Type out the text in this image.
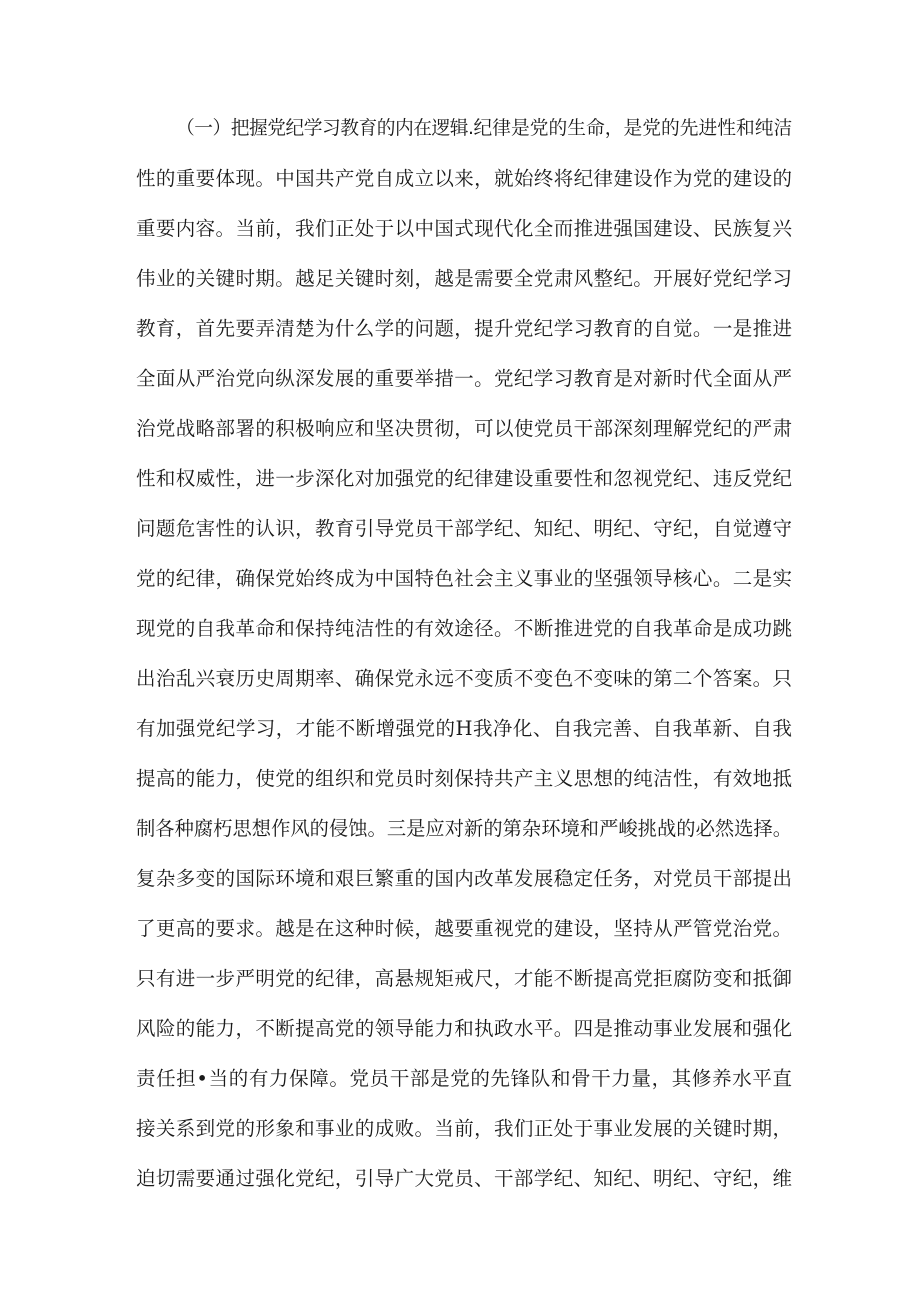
（一）把握党纪学习教育的内在逻辑.纪律是党的生命，是党的先进性和纯洁
性的重要体现。中国共产党自成立以来，就始终将纪律建设作为党的建设的
重要内容。当前，我们正处于以中国式现代化全而推进强国建设、民族复兴
伟业的关键时期。越足关键时刻，越是需要全党肃风整纪。开展好党纪学习
教育，首先要弄清楚为什么学的问题，提升党纪学习教育的自觉。一是推进
全面从严治党向纵深发展的重要举措一。党纪学习教育是对新时代全面从严
治党战略部署的积极响应和坚决贯彻，可以使党员干部深刻理解党纪的严肃
性和权威性，进一步深化对加强党的纪律建设重要性和忽视党纪、违反党纪
问题危害性的认识，教育引导党员干部学纪、知纪、明纪、守纪，自觉遵守
党的纪律，确保党始终成为中国特色社会主义事业的坚强领导核心。二是实
现党的自我革命和保持纯洁性的有效途径。不断推进党的自我革命是成功跳
出治乱兴衰历史周期率、确保党永远不变质不变色不变味的第二个答案。只
有加强党纪学习，才能不断增强党的H我净化、自我完善、自我革新、自我
提高的能力，使党的组织和党员时刻保持共产主义思想的纯洁性，有效地抵
制各种腐朽思想作风的侵蚀。三是应对新的第杂环境和严峻挑战的必然选择。
复杂多变的国际环境和艰巨繁重的国内改革发展稳定任务，对党员干部提出
了更高的要求。越是在这种时候，越要重视党的建设，坚持从严管党治党。
只有进一步严明党的纪律，高悬规矩戒尺，才能不断提高党拒腐防变和抵御
风险的能力，不断提高党的领导能力和执政水平。四是推动事业发展和强化
责任担•当的有力保障。党员干部是党的先锋队和骨干力量，其修养水平直
接关系到党的形象和事业的成败。当前，我们正处于事业发展的关键时期，
迫切需要通过强化党纪，引导广大党员、干部学纪、知纪、明纪、守纪，维
